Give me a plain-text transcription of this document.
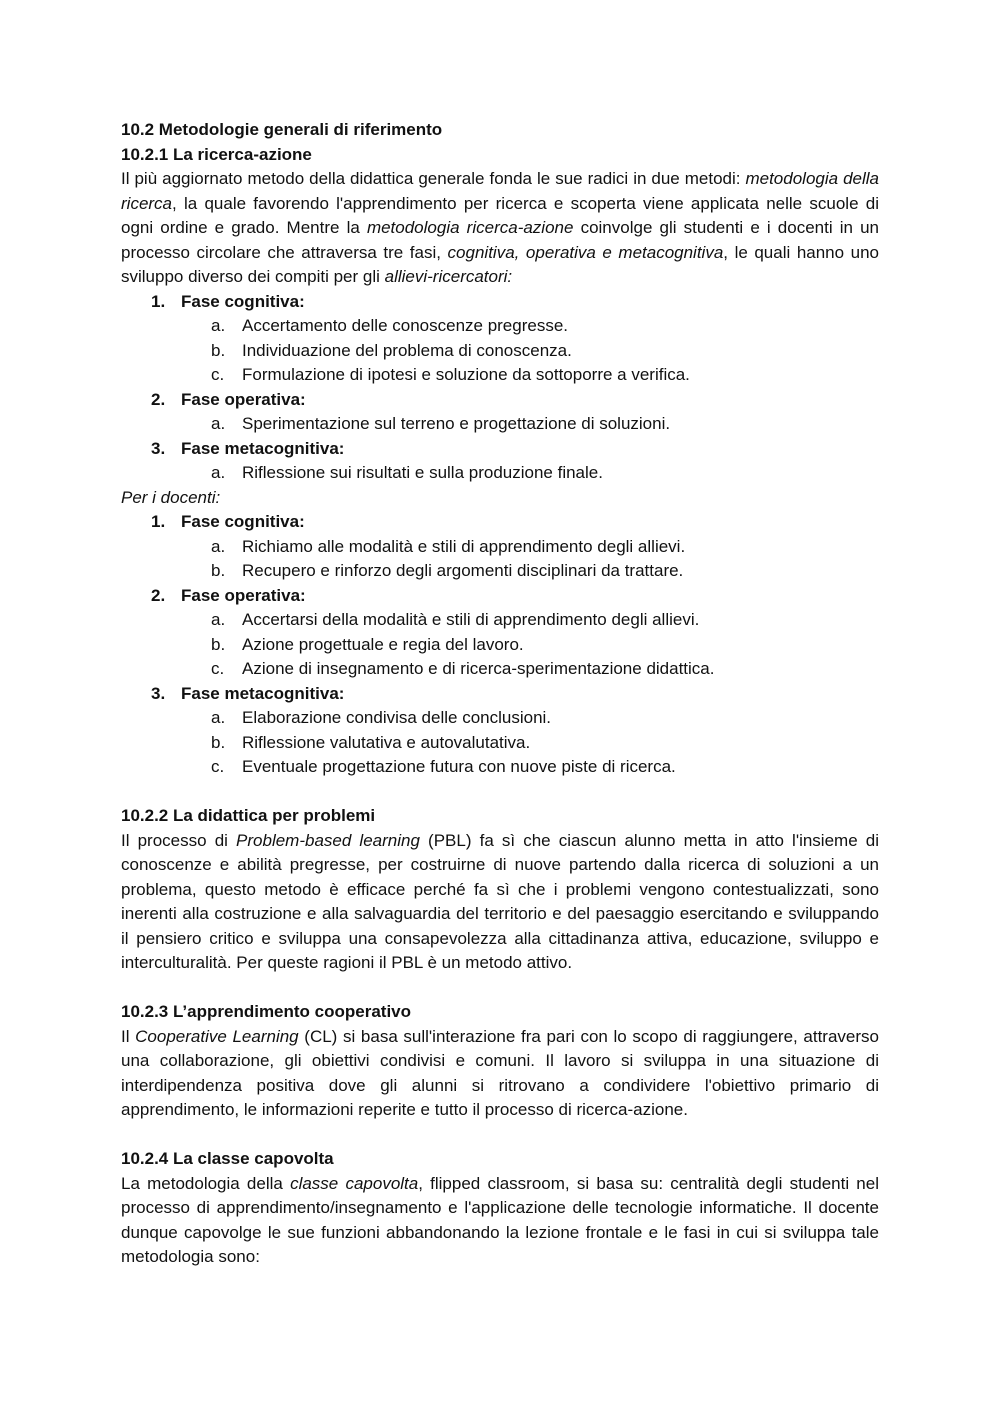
10.2 Metodologie generali di riferimento
10.2.1 La ricerca-azione

Il più aggiornato metodo della didattica generale fonda le sue radici in due metodi: metodologia della ricerca, la quale favorendo l'apprendimento per ricerca e scoperta viene applicata nelle scuole di ogni ordine e grado. Mentre la metodologia ricerca-azione coinvolge gli studenti e i docenti in un processo circolare che attraversa tre fasi, cognitiva, operativa e metacognitiva, le quali hanno uno sviluppo diverso dei compiti per gli allievi-ricercatori:

1. Fase cognitiva:
a. Accertamento delle conoscenze pregresse.
b. Individuazione del problema di conoscenza.
c. Formulazione di ipotesi e soluzione da sottoporre a verifica.
2. Fase operativa:
a. Sperimentazione sul terreno e progettazione di soluzioni.
3. Fase metacognitiva:
a. Riflessione sui risultati e sulla produzione finale.
Per i docenti:
1. Fase cognitiva:
a. Richiamo alle modalità e stili di apprendimento degli allievi.
b. Recupero e rinforzo degli argomenti disciplinari da trattare.
2. Fase operativa:
a. Accertarsi della modalità e stili di apprendimento degli allievi.
b. Azione progettuale e regia del lavoro.
c. Azione di insegnamento e di ricerca-sperimentazione didattica.
3. Fase metacognitiva:
a. Elaborazione condivisa delle conclusioni.
b. Riflessione valutativa e autovalutativa.
c. Eventuale progettazione futura con nuove piste di ricerca.
10.2.2 La didattica per problemi

Il processo di Problem-based learning (PBL) fa sì che ciascun alunno metta in atto l'insieme di conoscenze e abilità pregresse, per costruirne di nuove partendo dalla ricerca di soluzioni a un problema, questo metodo è efficace perché fa sì che i problemi vengono contestualizzati, sono inerenti alla costruzione e alla salvaguardia del territorio e del paesaggio esercitando e sviluppando il pensiero critico e sviluppa una consapevolezza alla cittadinanza attiva, educazione, sviluppo e interculturalità. Per queste ragioni il PBL è un metodo attivo.

10.2.3 L’apprendimento cooperativo

Il Cooperative Learning (CL) si basa sull'interazione fra pari con lo scopo di raggiungere, attraverso una collaborazione, gli obiettivi condivisi e comuni. Il lavoro si sviluppa in una situazione di interdipendenza positiva dove gli alunni si ritrovano a condividere l'obiettivo primario di apprendimento, le informazioni reperite e tutto il processo di ricerca-azione.

10.2.4 La classe capovolta

La metodologia della classe capovolta, flipped classroom, si basa su: centralità degli studenti nel processo di apprendimento/insegnamento e l'applicazione delle tecnologie informatiche. Il docente dunque capovolge le sue funzioni abbandonando la lezione frontale e le fasi in cui si sviluppa tale metodologia sono:
